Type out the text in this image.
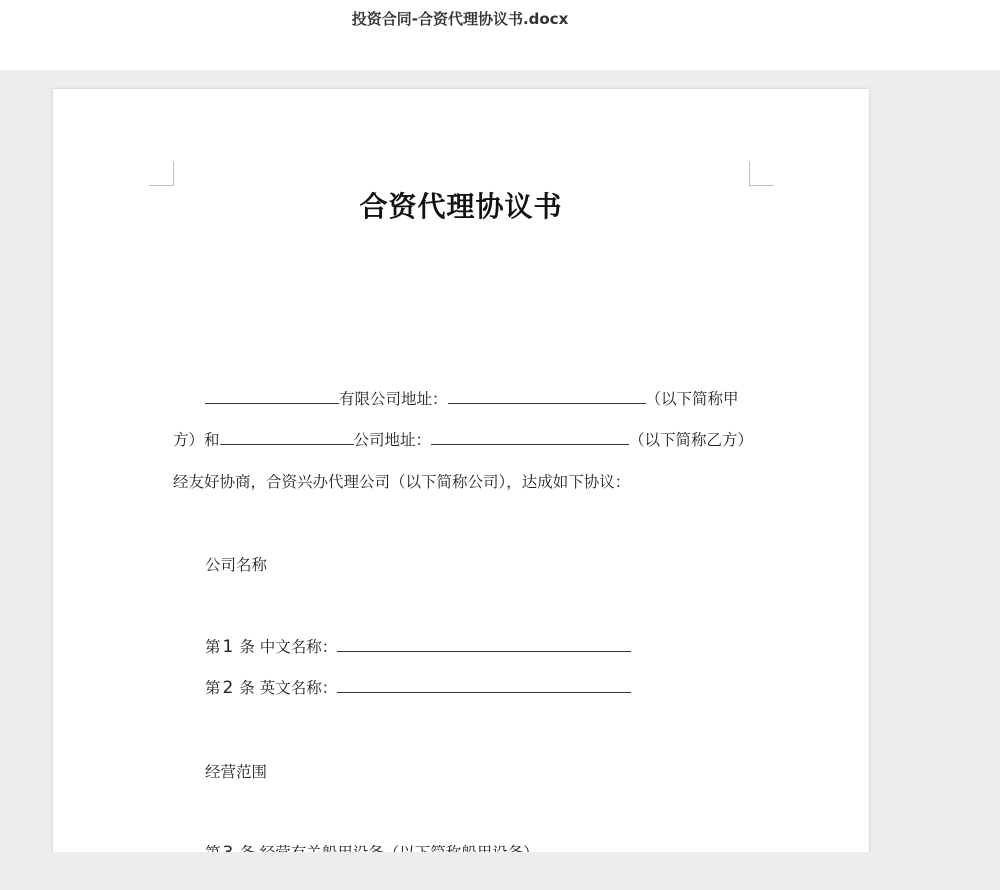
投资合同-合资代理协议书.docx
合资代理协议书
有限公司地址：	（以下简称甲
方）和	公司地址：	（以下简称乙方）
经友好协商，合资兴办代理公司（以下简称公司），达成如下协议：
公司名称
第 1 条 中文名称：
第 2 条 英文名称：
经营范围
